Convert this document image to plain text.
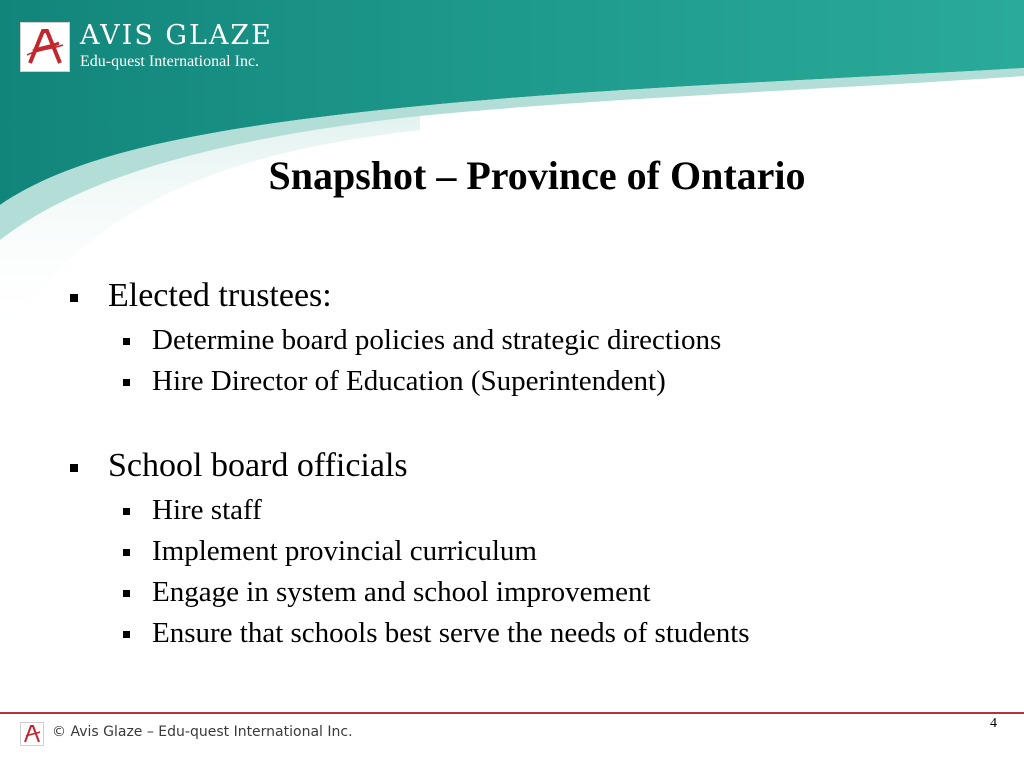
AVIS GLAZE
Edu-quest International Inc.
Snapshot – Province of Ontario
Elected trustees:
Determine board policies and strategic directions
Hire Director of Education (Superintendent)
School board officials
Hire staff
Implement provincial curriculum
Engage in system and school improvement
Ensure that schools best serve the needs of students
© Avis Glaze – Edu-quest International Inc.
4
